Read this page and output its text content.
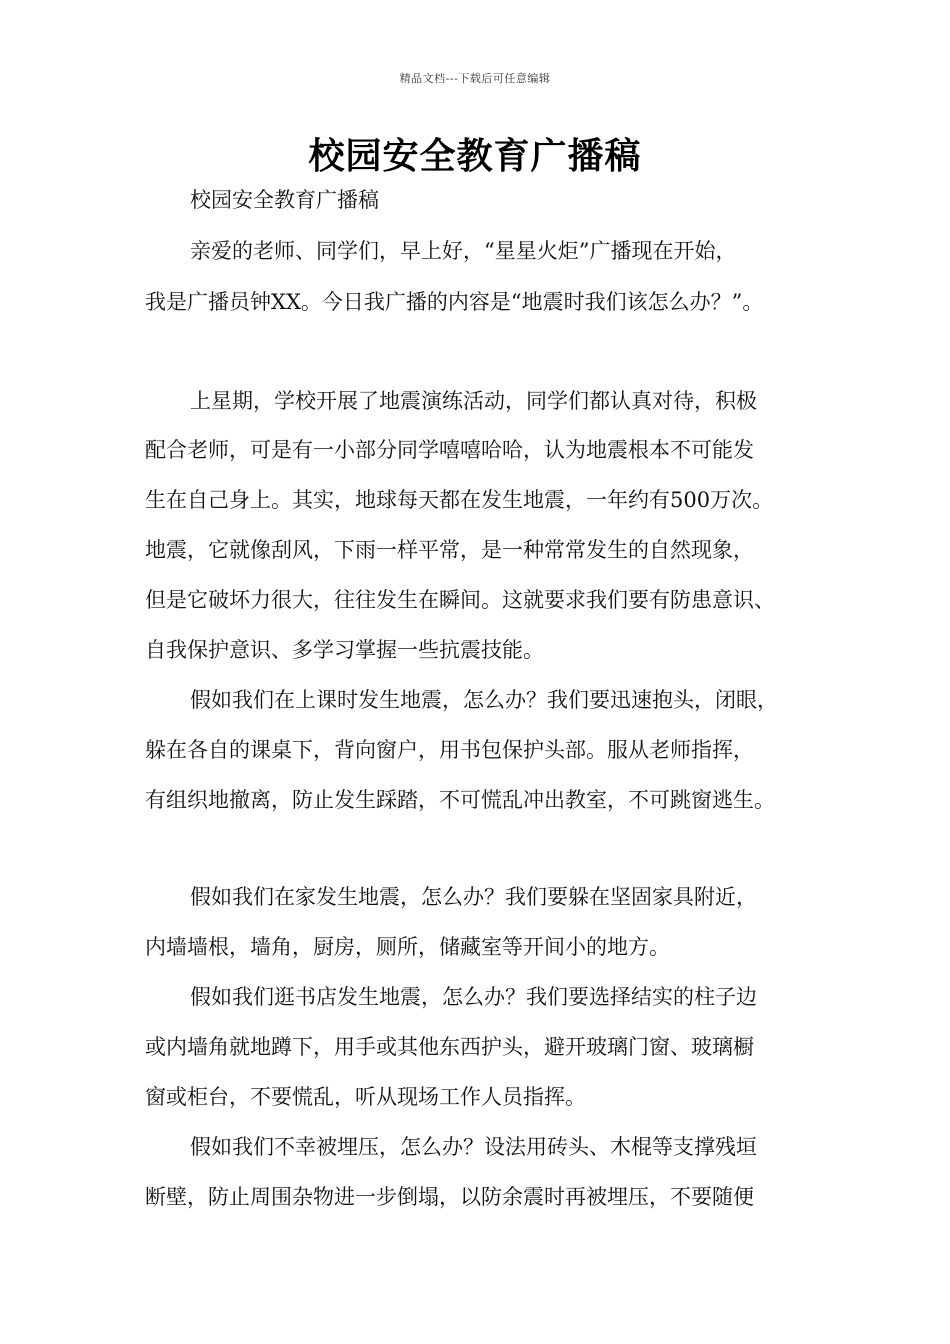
精品文档---下载后可任意编辑
校园安全教育广播稿
校园安全教育广播稿
亲爱的老师、同学们，早上好，“星星火炬”广播现在开始，
我是广播员钟XX。今日我广播的内容是“地震时我们该怎么办？”。
上星期，学校开展了地震演练活动，同学们都认真对待，积极
配合老师，可是有一小部分同学嘻嘻哈哈，认为地震根本不可能发
生在自己身上。其实，地球每天都在发生地震，一年约有500万次。
地震，它就像刮风，下雨一样平常，是一种常常发生的自然现象，
但是它破坏力很大，往往发生在瞬间。这就要求我们要有防患意识、
自我保护意识、多学习掌握一些抗震技能。
假如我们在上课时发生地震，怎么办？我们要迅速抱头，闭眼，
躲在各自的课桌下，背向窗户，用书包保护头部。服从老师指挥，
有组织地撤离，防止发生踩踏，不可慌乱冲出教室，不可跳窗逃生。
假如我们在家发生地震，怎么办？我们要躲在坚固家具附近，
内墙墙根，墙角，厨房，厕所，储藏室等开间小的地方。
假如我们逛书店发生地震，怎么办？我们要选择结实的柱子边
或内墙角就地蹲下，用手或其他东西护头，避开玻璃门窗、玻璃橱
窗或柜台，不要慌乱，听从现场工作人员指挥。
假如我们不幸被埋压，怎么办？设法用砖头、木棍等支撑残垣
断壁，防止周围杂物进一步倒塌，以防余震时再被埋压，不要随便
